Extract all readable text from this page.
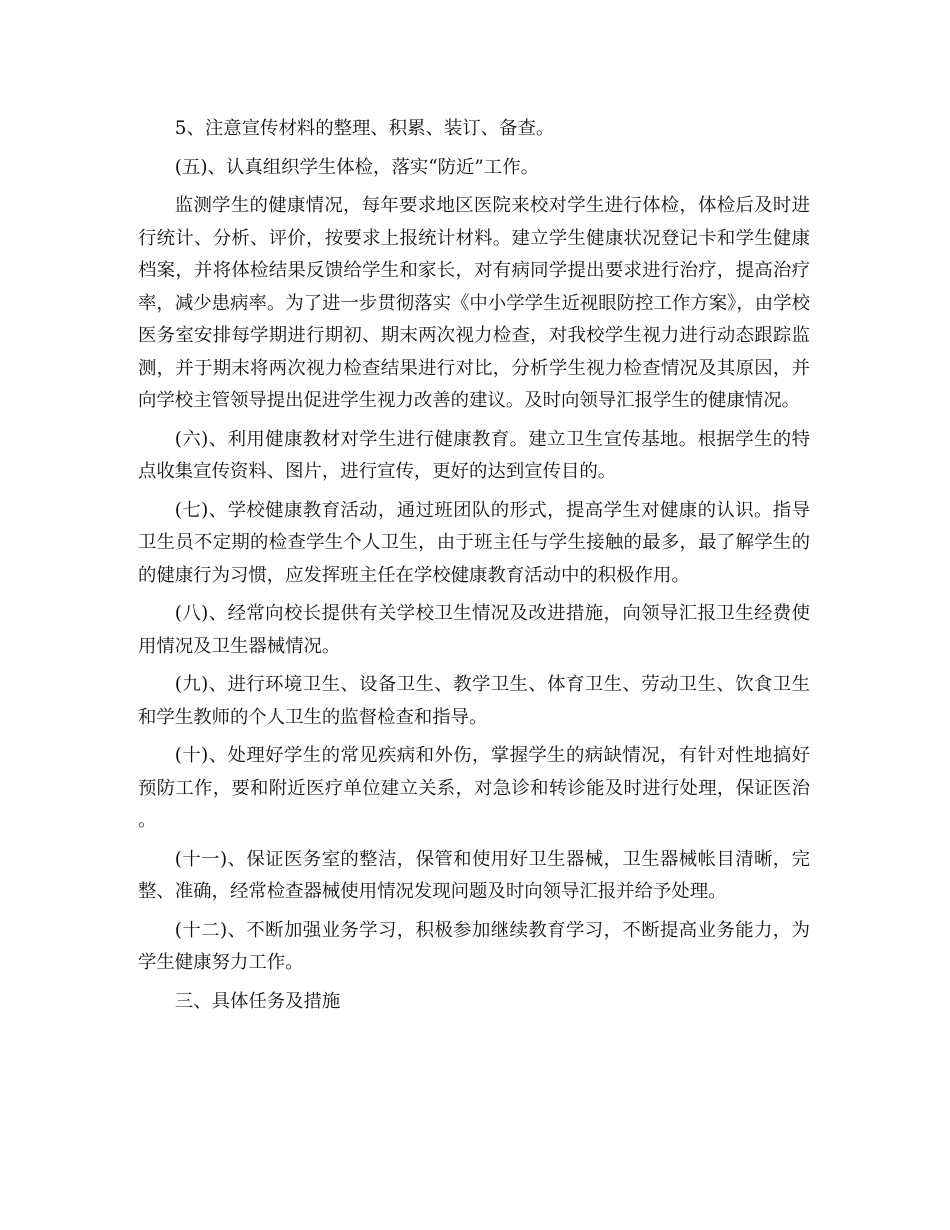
5、注意宣传材料的整理、积累、装订、备查。

(五)、认真组织学生体检，落实“防近”工作。

监测学生的健康情况，每年要求地区医院来校对学生进行体检，体检后及时进行统计、分析、评价，按要求上报统计材料。建立学生健康状况登记卡和学生健康档案，并将体检结果反馈给学生和家长，对有病同学提出要求进行治疗，提高治疗率，减少患病率。为了进一步贯彻落实《中小学学生近视眼防控工作方案》，由学校医务室安排每学期进行期初、期末两次视力检查，对我校学生视力进行动态跟踪监测，并于期末将两次视力检查结果进行对比，分析学生视力检查情况及其原因，并向学校主管领导提出促进学生视力改善的建议。及时向领导汇报学生的健康情况。

(六)、利用健康教材对学生进行健康教育。建立卫生宣传基地。根据学生的特点收集宣传资料、图片，进行宣传，更好的达到宣传目的。

(七)、学校健康教育活动，通过班团队的形式，提高学生对健康的认识。指导卫生员不定期的检查学生个人卫生，由于班主任与学生接触的最多，最了解学生的的健康行为习惯，应发挥班主任在学校健康教育活动中的积极作用。

(八)、经常向校长提供有关学校卫生情况及改进措施，向领导汇报卫生经费使用情况及卫生器械情况。

(九)、进行环境卫生、设备卫生、教学卫生、体育卫生、劳动卫生、饮食卫生和学生教师的个人卫生的监督检查和指导。

(十)、处理好学生的常见疾病和外伤，掌握学生的病缺情况，有针对性地搞好预防工作，要和附近医疗单位建立关系，对急诊和转诊能及时进行处理，保证医治。

(十一)、保证医务室的整洁，保管和使用好卫生器械，卫生器械帐目清晰，完整、准确，经常检查器械使用情况发现问题及时向领导汇报并给予处理。

(十二)、不断加强业务学习，积极参加继续教育学习，不断提高业务能力，为学生健康努力工作。

三、具体任务及措施
